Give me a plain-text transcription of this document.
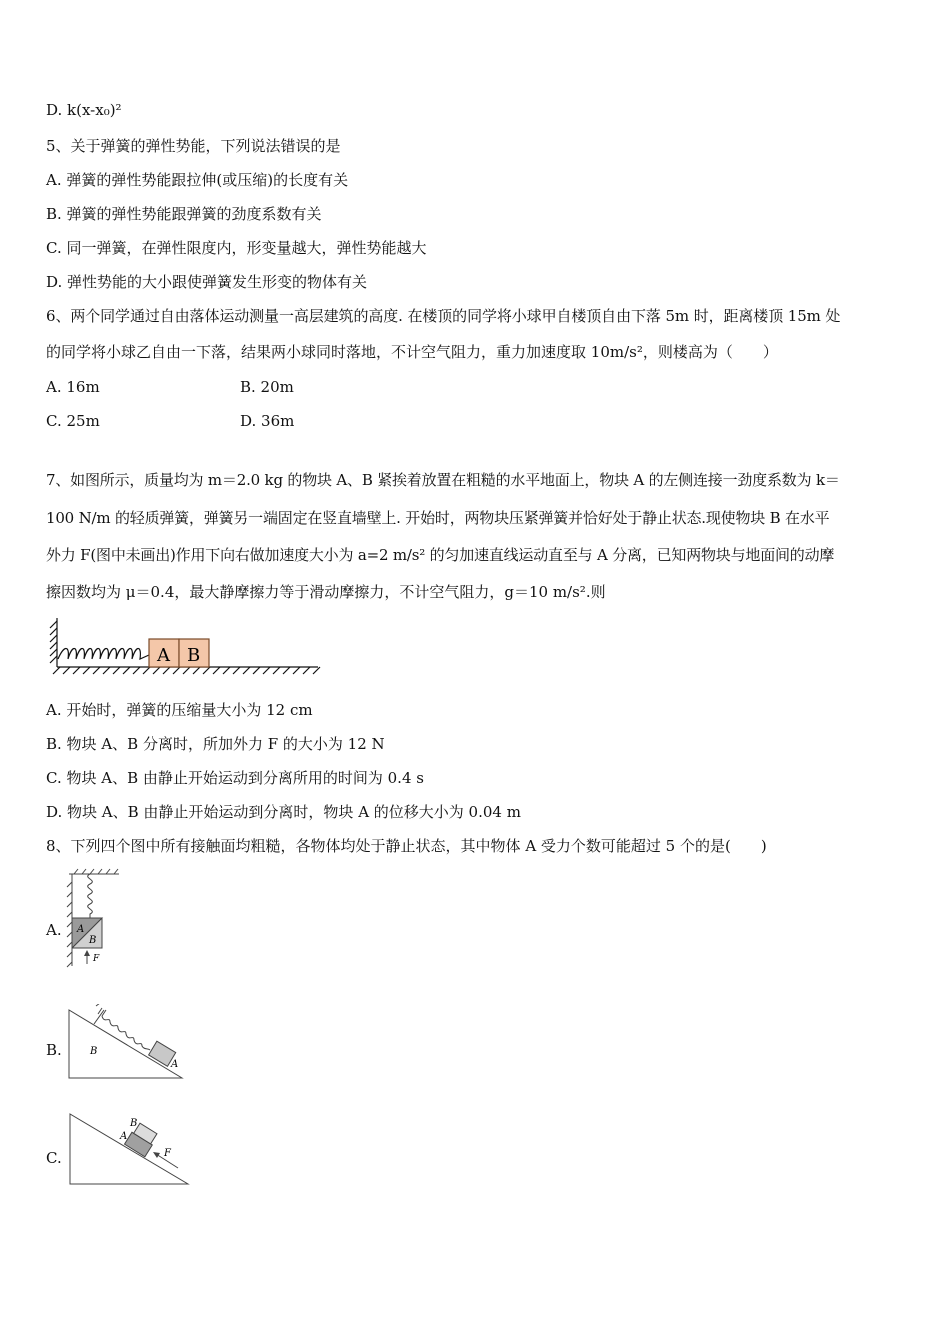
D. k(x-x₀)²
5、关于弹簧的弹性势能，下列说法错误的是
A. 弹簧的弹性势能跟拉伸(或压缩)的长度有关
B. 弹簧的弹性势能跟弹簧的劲度系数有关
C. 同一弹簧，在弹性限度内，形变量越大，弹性势能越大
D. 弹性势能的大小跟使弹簧发生形变的物体有关
6、两个同学通过自由落体运动测量一高层建筑的高度. 在楼顶的同学将小球甲自楼顶自由下落 5m 时，距离楼顶 15m 处
的同学将小球乙自由一下落，结果两小球同时落地，不计空气阻力，重力加速度取 10m/s²，则楼高为（　　）
A. 16m	B. 20m
C. 25m	D. 36m
7、如图所示，质量均为 m＝2.0 kg 的物块 A、B 紧挨着放置在粗糙的水平地面上，物块 A 的左侧连接一劲度系数为 k＝
100 N/m 的轻质弹簧，弹簧另一端固定在竖直墙壁上. 开始时，两物块压紧弹簧并恰好处于静止状态.现使物块 B 在水平
外力 F(图中未画出)作用下向右做加速度大小为 a=2 m/s² 的匀加速直线运动直至与 A 分离，已知两物块与地面间的动摩
擦因数均为 μ＝0.4，最大静摩擦力等于滑动摩擦力，不计空气阻力，g＝10 m/s².则
A B
A. 开始时，弹簧的压缩量大小为 12 cm
B. 物块 A、B 分离时，所加外力 F 的大小为 12 N
C. 物块 A、B 由静止开始运动到分离所用的时间为 0.4 s
D. 物块 A、B 由静止开始运动到分离时，物块 A 的位移大小为 0.04 m
8、下列四个图中所有接触面均粗糙，各物体均处于静止状态，其中物体 A 受力个数可能超过 5 个的是(　　)
A. A
B
F
B.	B
A
C.
B
A
F
